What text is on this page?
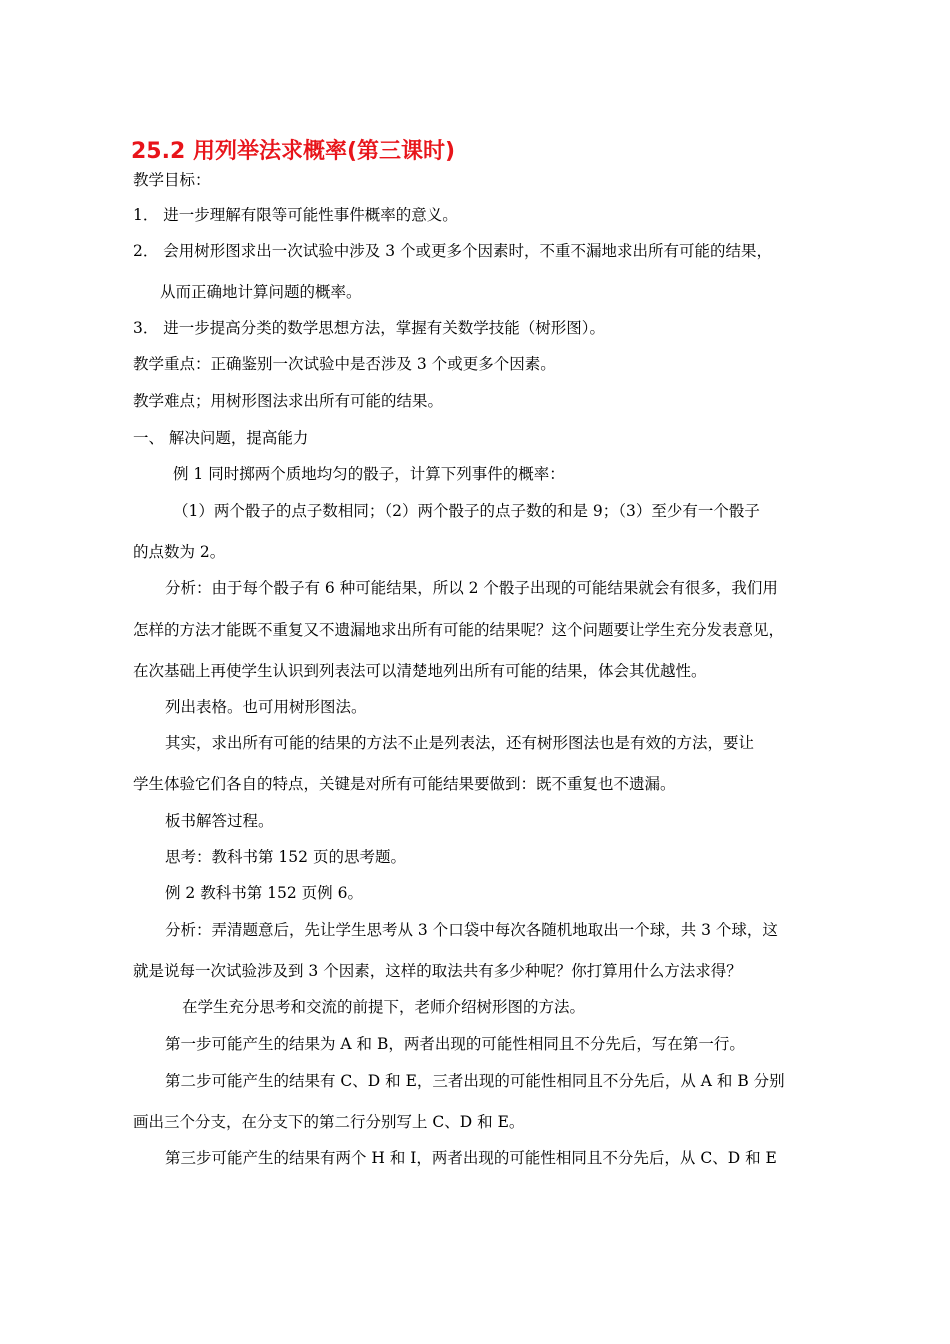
25.2 用列举法求概率(第三课时)
教学目标：
1． 进一步理解有限等可能性事件概率的意义。
2． 会用树形图求出一次试验中涉及 3 个或更多个因素时，不重不漏地求出所有可能的结果，
从而正确地计算问题的概率。
3． 进一步提高分类的数学思想方法，掌握有关数学技能（树形图）。
教学重点：正确鉴别一次试验中是否涉及 3 个或更多个因素。
教学难点；用树形图法求出所有可能的结果。
一、 解决问题，提高能力
例 1 同时掷两个质地均匀的骰子，计算下列事件的概率：
（1）两个骰子的点子数相同；（2）两个骰子的点子数的和是 9；（3）至少有一个骰子
的点数为 2。
分析：由于每个骰子有 6 种可能结果，所以 2 个骰子出现的可能结果就会有很多，我们用
怎样的方法才能既不重复又不遗漏地求出所有可能的结果呢？这个问题要让学生充分发表意见，
在次基础上再使学生认识到列表法可以清楚地列出所有可能的结果，体会其优越性。
列出表格。也可用树形图法。
其实，求出所有可能的结果的方法不止是列表法，还有树形图法也是有效的方法，要让
学生体验它们各自的特点，关键是对所有可能结果要做到：既不重复也不遗漏。
板书解答过程。
思考：教科书第 152 页的思考题。
例 2 教科书第 152 页例 6。
分析：弄清题意后，先让学生思考从 3 个口袋中每次各随机地取出一个球，共 3 个球，这
就是说每一次试验涉及到 3 个因素，这样的取法共有多少种呢？你打算用什么方法求得？
在学生充分思考和交流的前提下，老师介绍树形图的方法。
第一步可能产生的结果为 A 和 B，两者出现的可能性相同且不分先后，写在第一行。
第二步可能产生的结果有 C、D 和 E，三者出现的可能性相同且不分先后，从 A 和 B 分别
画出三个分支，在分支下的第二行分别写上 C、D 和 E。
第三步可能产生的结果有两个 H 和 I，两者出现的可能性相同且不分先后，从 C、D 和 E
